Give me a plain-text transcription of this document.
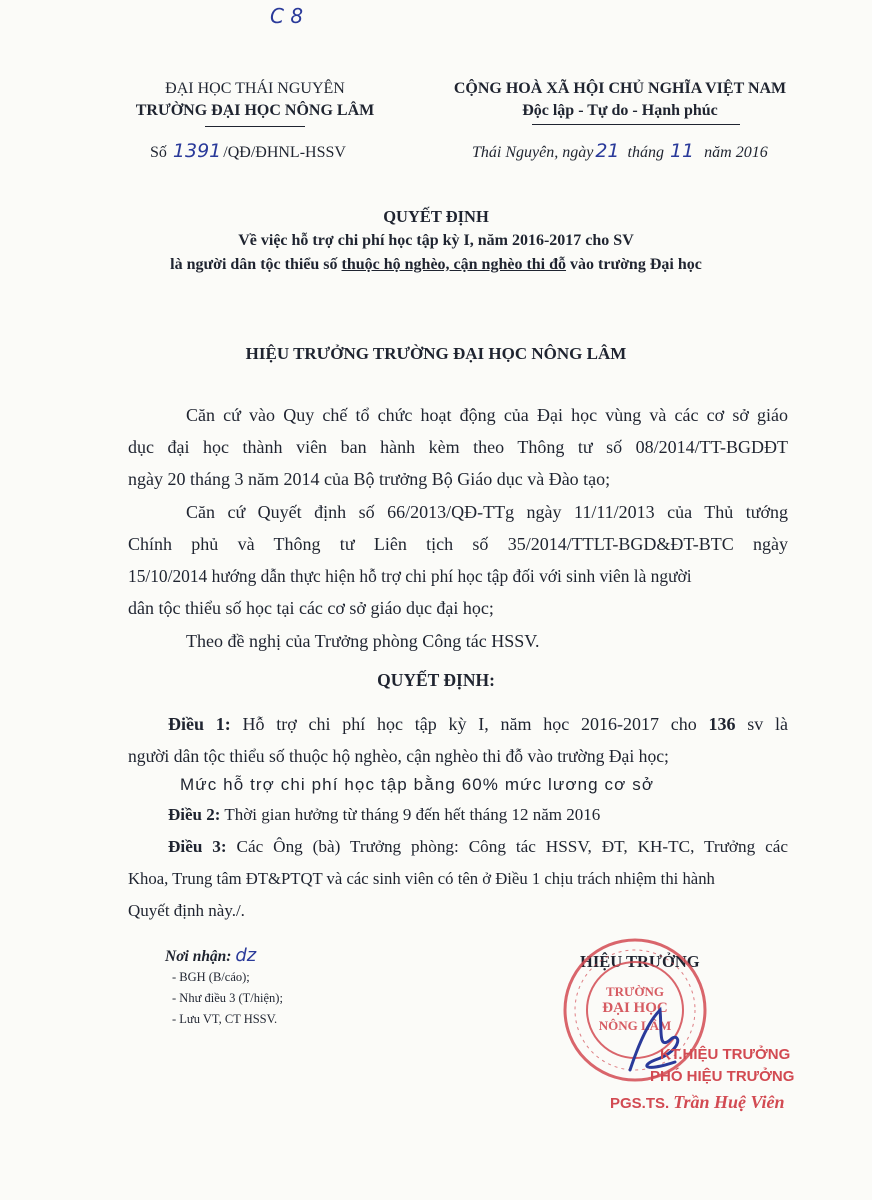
C 8
ĐẠI HỌC THÁI NGUYÊN
TRƯỜNG ĐẠI HỌC NÔNG LÂM
Số 1391 /QĐ/ĐHNL-HSSV
CỘNG HOÀ XÃ HỘI CHỦ NGHĨA VIỆT NAM
Độc lập - Tự do - Hạnh phúc
Thái Nguyên, ngày 21 tháng 11 năm 2016
QUYẾT ĐỊNH
Về việc hỗ trợ chi phí học tập kỳ I, năm 2016-2017 cho SV
là người dân tộc thiểu số thuộc hộ nghèo, cận nghèo thi đỗ vào trường Đại học
HIỆU TRƯỞNG TRƯỜNG ĐẠI HỌC NÔNG LÂM
Căn cứ vào Quy chế tổ chức hoạt động của Đại học vùng và các cơ sở giáo
dục đại học thành viên ban hành kèm theo Thông tư số 08/2014/TT-BGDĐT
ngày 20 tháng 3 năm 2014 của Bộ trưởng Bộ Giáo dục và Đào tạo;
Căn cứ Quyết định số 66/2013/QĐ-TTg ngày 11/11/2013 của Thủ tướng
Chính phủ và Thông tư Liên tịch số 35/2014/TTLT-BGD&ĐT-BTC ngày
15/10/2014 hướng dẫn thực hiện hỗ trợ chi phí học tập đối với sinh viên là người
dân tộc thiểu số học tại các cơ sở giáo dục đại học;
Theo đề nghị của Trưởng phòng Công tác HSSV.
QUYẾT ĐỊNH:
Điều 1: Hỗ trợ chi phí học tập kỳ I, năm học 2016-2017 cho 136 sv là
người dân tộc thiểu số thuộc hộ nghèo, cận nghèo thi đỗ vào trường Đại học;
Mức hỗ trợ chi phí học tập bằng 60% mức lương cơ sở
Điều 2: Thời gian hưởng từ tháng 9 đến hết tháng 12 năm 2016
Điều 3: Các Ông (bà) Trưởng phòng: Công tác HSSV, ĐT, KH-TC, Trưởng các
Khoa, Trung tâm ĐT&PTQT và các sinh viên có tên ở Điều 1 chịu trách nhiệm thi hành
Quyết định này./.
Nơi nhận: dz
- BGH (B/cáo);
- Như điều 3 (T/hiện);
- Lưu VT, CT HSSV.
HIỆU TRƯỞNG
TRƯỜNG
ĐẠI HỌC
NÔNG LÂM
KT.HIỆU TRƯỞNG
PHÓ HIỆU TRƯỞNG
PGS.TS. Trần Huệ Viên
